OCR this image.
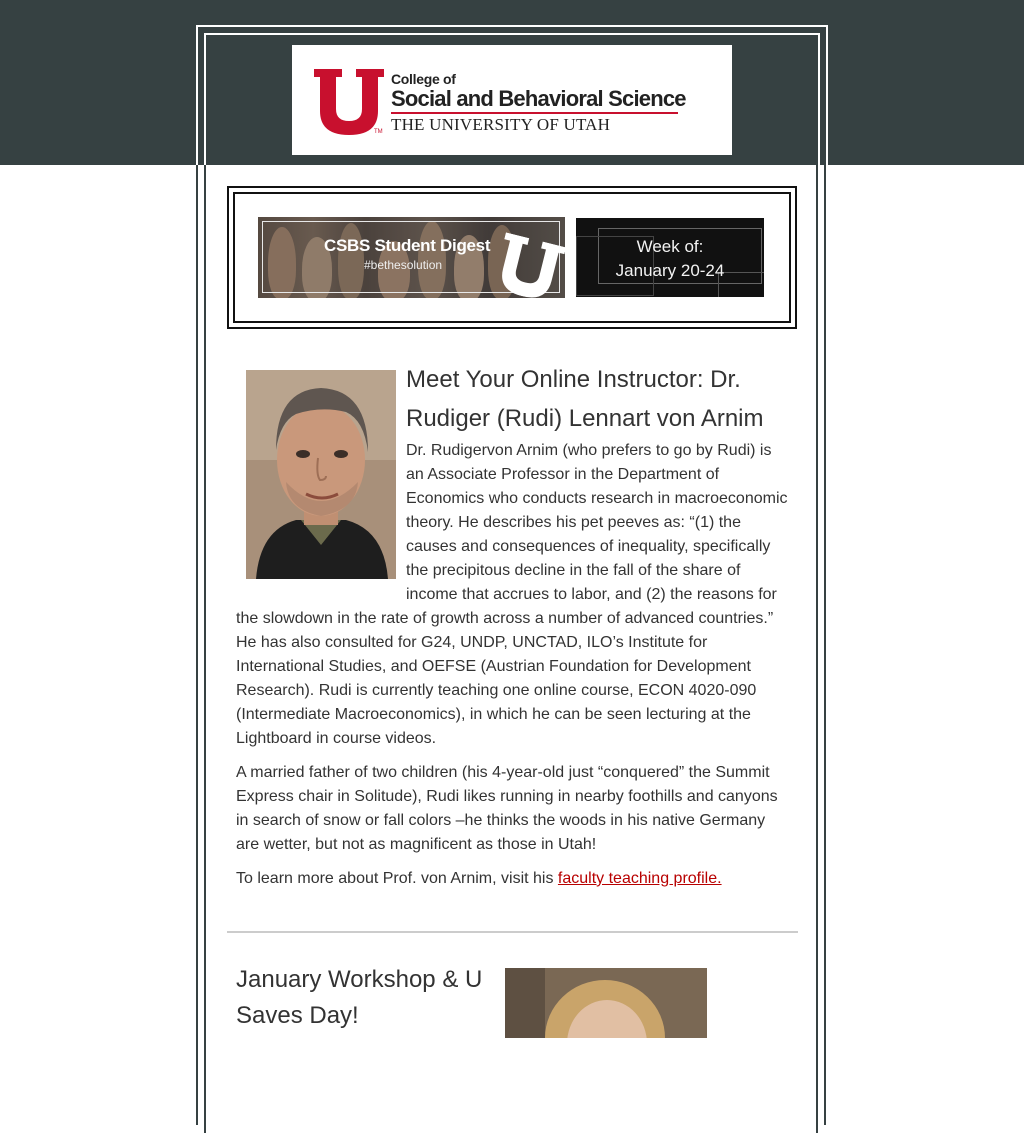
TM
College of
Social and Behavioral Science
THE UNIVERSITY OF UTAH
CSBS Student Digest
#bethesolution
Week of:
January 20-24
Meet Your Online Instructor: Dr. Rudiger (Rudi) Lennart von Arnim

Dr. Rudigervon Arnim (who prefers to go by Rudi) is an Associate Professor in the Department of Economics who conducts research in macroeconomic theory. He describes his pet peeves as: “(1) the causes and consequences of inequality, specifically the precipitous decline in the fall of the share of income that accrues to labor, and (2) the reasons for the slowdown in the rate of growth across a number of advanced countries.” He has also consulted for G24, UNDP, UNCTAD, ILO’s Institute for International Studies, and OEFSE (Austrian Foundation for Development Research). Rudi is currently teaching one online course, ECON 4020-090 (Intermediate Macroeconomics), in which he can be seen lecturing at the Lightboard in course videos.

A married father of two children (his 4-year-old just “conquered” the Summit Express chair in Solitude), Rudi likes running in nearby foothills and canyons in search of snow or fall colors –he thinks the woods in his native Germany are wetter, but not as magnificent as those in Utah!

To learn more about Prof. von Arnim, visit his faculty teaching profile.

January Workshop & U Saves Day!
